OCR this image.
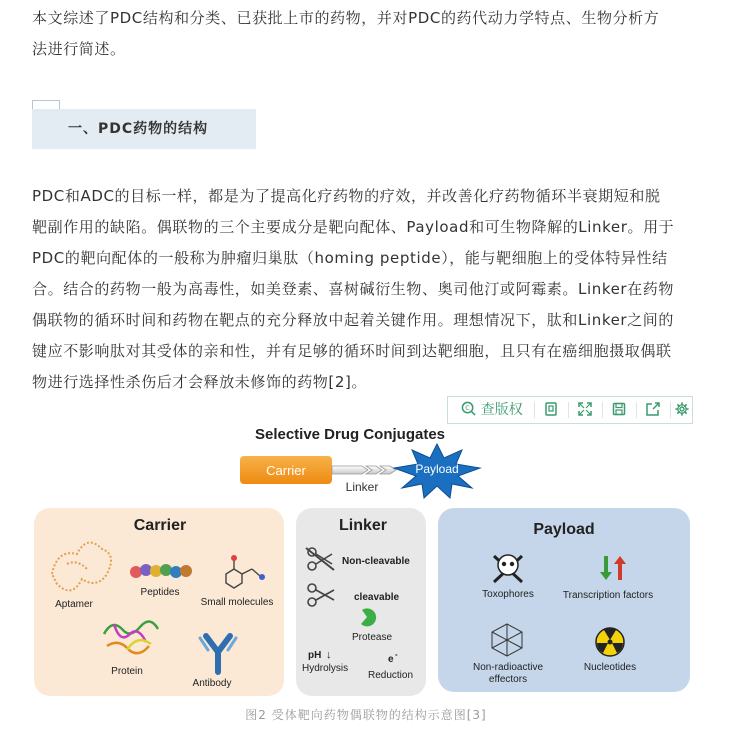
本文综述了PDC结构和分类、已获批上市的药物，并对PDC的药代动力学特点、生物分析方
法进行简述。
一、PDC药物的结构
PDC和ADC的目标一样，都是为了提高化疗药物的疗效，并改善化疗药物循环半衰期短和脱
靶副作用的缺陷。偶联物的三个主要成分是靶向配体、Payload和可生物降解的Linker。用于
PDC的靶向配体的一般称为肿瘤归巢肽（homing peptide），能与靶细胞上的受体特异性结
合。结合的药物一般为高毒性，如美登素、喜树碱衍生物、奥司他汀或阿霉素。Linker在药物
偶联物的循环时间和药物在靶点的充分释放中起着关键作用。理想情况下，肽和Linker之间的
键应不影响肽对其受体的亲和性，并有足够的循环时间到达靶细胞，且只有在癌细胞摄取偶联
物进行选择性杀伤后才会释放未修饰的药物[2]。
C 查版权
Selective Drug Conjugates
Carrier
Linker
Payload
Carrier
Aptamer
Peptides
Small molecules
Protein
Antibody
Linker
Non-cleavable
cleavable
Protease
pH ↓
Hydrolysis
e -
Reduction
Payload
Toxophores	Transcription factors
Non-radioactive
effectors
Nucleotides
图2 受体靶向药物偶联物的结构示意图[3]
